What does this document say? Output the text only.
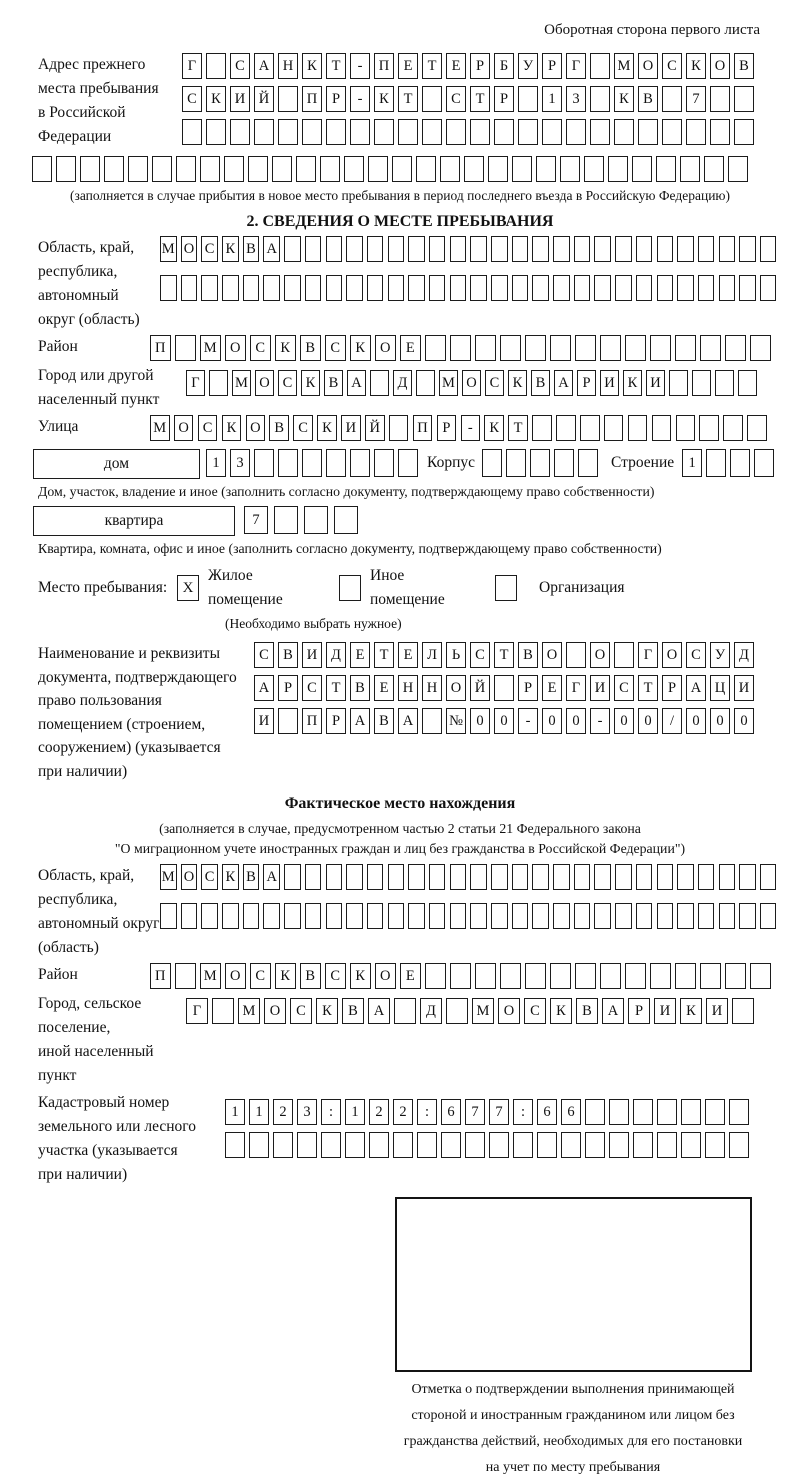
Оборотная сторона первого листа
Адрес прежнего
места пребывания
в Российской
Федерации
Г	С А Н К	Т	-	П Е	Т	Е	Р	Б	У	Р	Г	М О С К О В
С К И Й	П	Р	-	К	Т	С	Т	Р	1	3	К В	7
(заполняется в случае прибытия в новое место пребывания в период последнего въезда в Российскую Федерацию)
2. СВЕДЕНИЯ О МЕСТЕ ПРЕБЫВАНИЯ
Область, край,
республика,
автономный
округ (область)
М О С К В А
Район	П	М О	С	К	В	С	К	О	Е
Город или другой
населенный пункт
Г	М О С К В А	Д	М О С К В А Р И К И
Улица	М О С К О В С К И Й	П	Р	-	К	Т
дом	1	3	Корпус	Строение 1
Дом, участок, владение и иное (заполнить согласно документу, подтверждающему право собственности)
квартира	7
Квартира, комната, офис и иное (заполнить согласно документу, подтверждающему право собственности)
Место пребывания:	X
Жилое помещение
Иное помещение
Организация
(Необходимо выбрать нужное)
Наименование и реквизиты
документа, подтверждающего
право пользования
помещением (строением,
сооружением) (указывается
при наличии)
С В И Д	Е	Т	Е	Л	Ь	С	Т	В О	О	Г	О С У Д
А	Р	С	Т	В	Е Н Н О Й	Р	Е	Г	И С	Т	Р	А Ц И
И	П	Р	А В А	№ 0	0	-	0	0	-	0	0	/	0	0	0
Фактическое место нахождения
(заполняется в случае, предусмотренном частью 2 статьи 21 Федерального закона
"О миграционном учете иностранных граждан и лиц без гражданства в Российской Федерации")
Область, край,
республика,
автономный округ
(область)
М О С К В А
Район	П	М О	С	К	В	С	К	О	Е
Город, сельское поселение,
иной населенный пункт
Г	М О	С	К	В	А	Д	М О	С	К	В	А	Р	И	К	И
Кадастровый номер
земельного или лесного
участка (указывается
при наличии)
1	1	2	3	:	1	2	2	:	6	7	7	:	6	6
Отметка о подтверждении выполнения принимающей
стороной и иностранным гражданином или лицом без
гражданства действий, необходимых для его постановки
на учет по месту пребывания
